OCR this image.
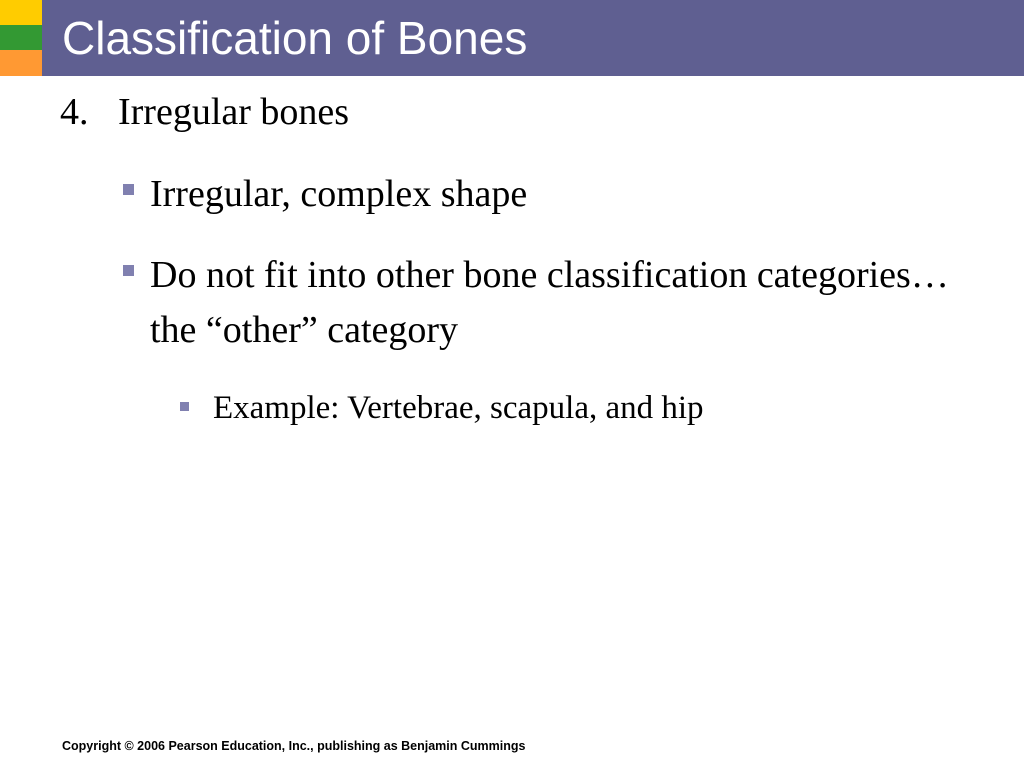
Classification of Bones
4. Irregular bones
Irregular, complex shape
Do not fit into other bone classification categories…the “other” category
Example: Vertebrae, scapula, and hip
Copyright © 2006 Pearson Education, Inc., publishing as Benjamin Cummings
